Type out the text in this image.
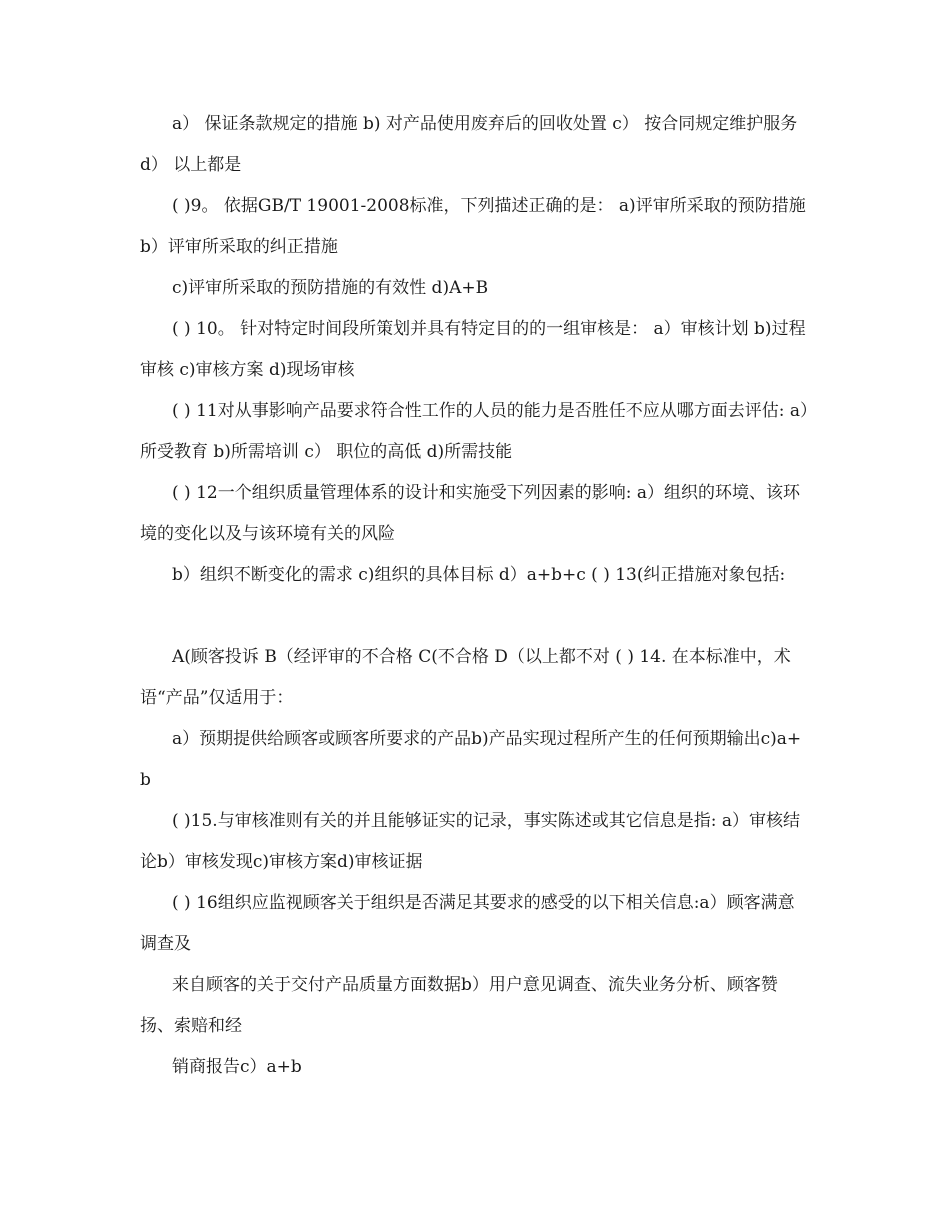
a） 保证条款规定的措施 b) 对产品使用废弃后的回收处置 c） 按合同规定维护服务 d） 以上都是

( )9。 依据GB/T 19001-2008标准，下列描述正确的是： a)评审所采取的预防措施 b）评审所采取的纠正措施

c)评审所采取的预防措施的有效性 d)A+B

( ) 10。 针对特定时间段所策划并具有特定目的的一组审核是： a）审核计划 b)过程审核 c)审核方案 d)现场审核

( ) 11对从事影响产品要求符合性工作的人员的能力是否胜任不应从哪方面去评估: a）所受教育 b)所需培训 c） 职位的高低 d)所需技能

( ) 12一个组织质量管理体系的设计和实施受下列因素的影响: a）组织的环境、该环境的变化以及与该环境有关的风险

b）组织不断变化的需求 c)组织的具体目标 d）a+b+c ( ) 13(纠正措施对象包括:

A(顾客投诉 B（经评审的不合格 C(不合格 D（以上都不对 ( ) 14. 在本标准中，术语“产品”仅适用于：

a）预期提供给顾客或顾客所要求的产品b)产品实现过程所产生的任何预期输出c)a+b

( )15.与审核准则有关的并且能够证实的记录，事实陈述或其它信息是指: a）审核结论b）审核发现c)审核方案d)审核证据

( ) 16组织应监视顾客关于组织是否满足其要求的感受的以下相关信息:a）顾客满意调查及

来自顾客的关于交付产品质量方面数据b）用户意见调查、流失业务分析、顾客赞扬、索赔和经

销商报告c）a+b
